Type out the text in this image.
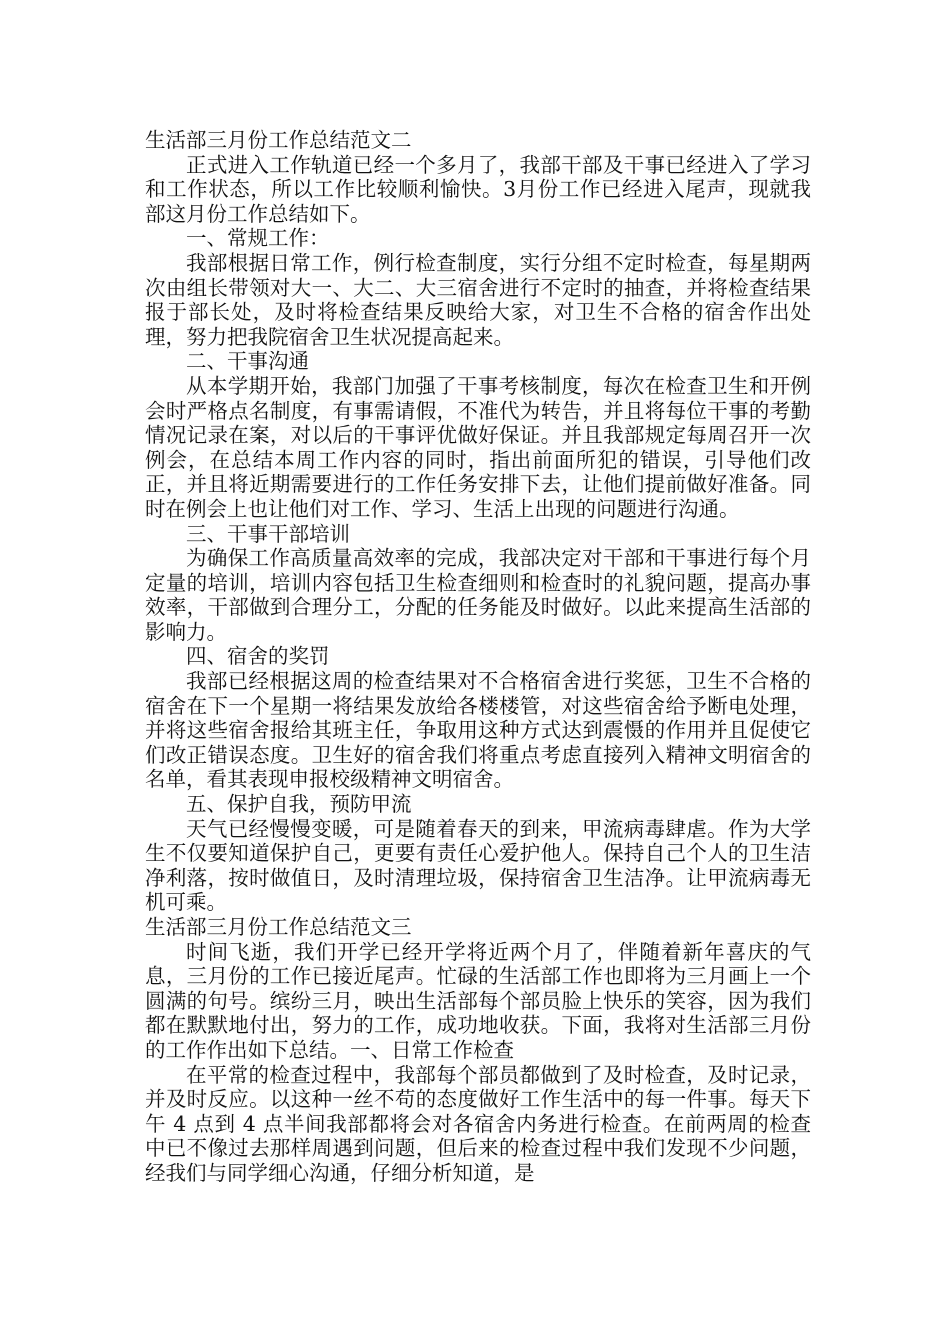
生活部三月份工作总结范文二

正式进入工作轨道已经一个多月了，我部干部及干事已经进入了学习和工作状态，所以工作比较顺利愉快。3月份工作已经进入尾声，现就我部这月份工作总结如下。

一、常规工作：

我部根据日常工作，例行检查制度，实行分组不定时检查，每星期两次由组长带领对大一、大二、大三宿舍进行不定时的抽查，并将检查结果报于部长处，及时将检查结果反映给大家，对卫生不合格的宿舍作出处理，努力把我院宿舍卫生状况提高起来。

二、干事沟通

从本学期开始，我部门加强了干事考核制度，每次在检查卫生和开例会时严格点名制度，有事需请假，不准代为转告，并且将每位干事的考勤情况记录在案，对以后的干事评优做好保证。并且我部规定每周召开一次例会，在总结本周工作内容的同时，指出前面所犯的错误，引导他们改正，并且将近期需要进行的工作任务安排下去，让他们提前做好准备。同时在例会上也让他们对工作、学习、生活上出现的问题进行沟通。

三、干事干部培训

为确保工作高质量高效率的完成，我部决定对干部和干事进行每个月定量的培训，培训内容包括卫生检查细则和检查时的礼貌问题，提高办事效率，干部做到合理分工，分配的任务能及时做好。以此来提高生活部的影响力。

四、宿舍的奖罚

我部已经根据这周的检查结果对不合格宿舍进行奖惩，卫生不合格的宿舍在下一个星期一将结果发放给各楼楼管，对这些宿舍给予断电处理，并将这些宿舍报给其班主任，争取用这种方式达到震慑的作用并且促使它们改正错误态度。卫生好的宿舍我们将重点考虑直接列入精神文明宿舍的名单，看其表现申报校级精神文明宿舍。

五、保护自我，预防甲流

天气已经慢慢变暖，可是随着春天的到来，甲流病毒肆虐。作为大学生不仅要知道保护自己，更要有责任心爱护他人。保持自己个人的卫生洁净利落，按时做值日，及时清理垃圾，保持宿舍卫生洁净。让甲流病毒无机可乘。

生活部三月份工作总结范文三

时间飞逝，我们开学已经开学将近两个月了，伴随着新年喜庆的气息，三月份的工作已接近尾声。忙碌的生活部工作也即将为三月画上一个圆满的句号。缤纷三月，映出生活部每个部员脸上快乐的笑容，因为我们都在默默地付出，努力的工作，成功地收获。下面，我将对生活部三月份的工作作出如下总结。一、日常工作检查

在平常的检查过程中，我部每个部员都做到了及时检查，及时记录，并及时反应。以这种一丝不苟的态度做好工作生活中的每一件事。每天下午 4 点到 4 点半间我部都将会对各宿舍内务进行检查。在前两周的检查中已不像过去那样周遇到问题，但后来的检查过程中我们发现不少问题，经我们与同学细心沟通，仔细分析知道，是
